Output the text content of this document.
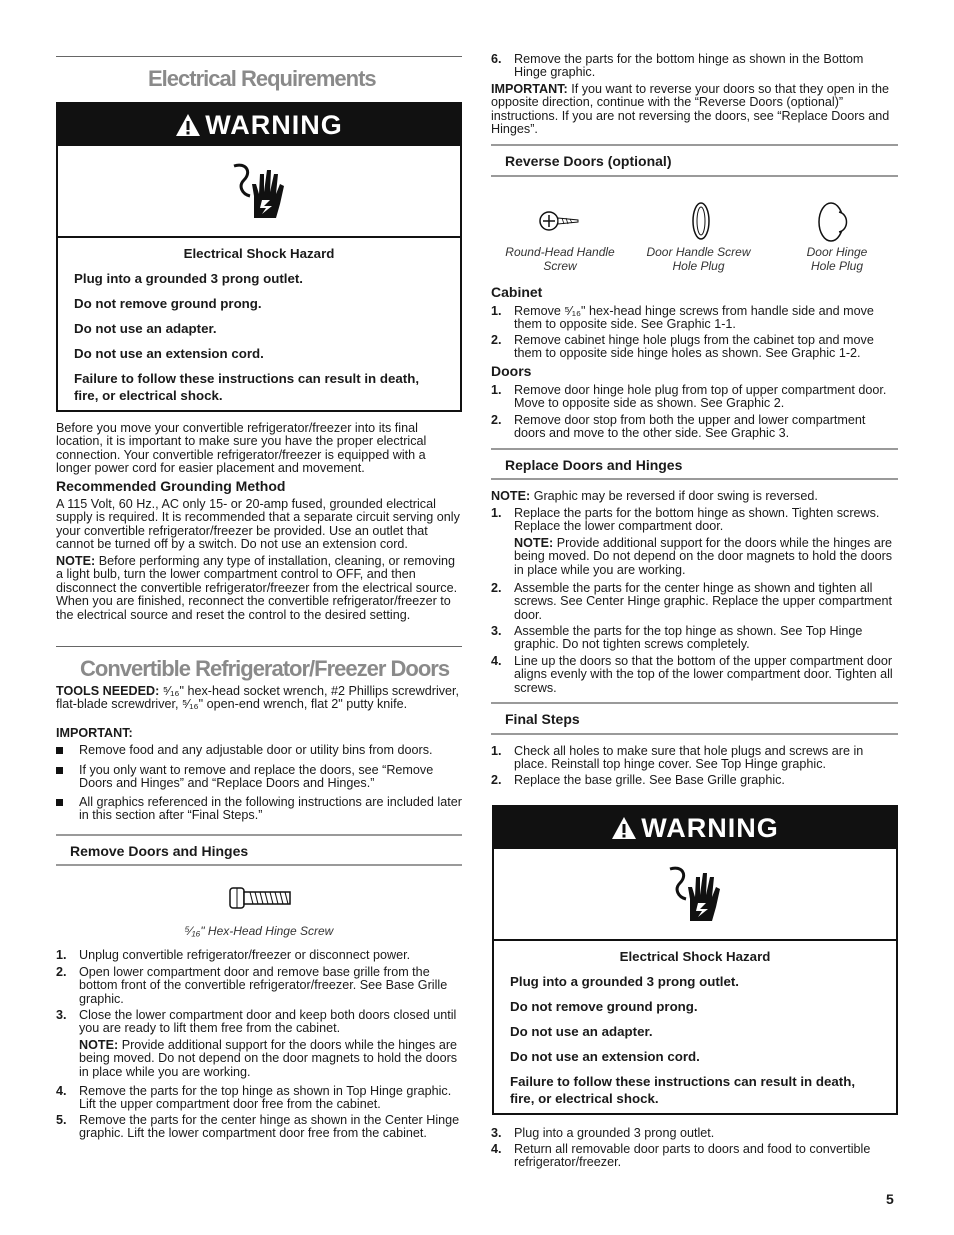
Electrical Requirements
WARNING
Electrical Shock Hazard
Plug into a grounded 3 prong outlet.
Do not remove ground prong.
Do not use an adapter.
Do not use an extension cord.
Failure to follow these instructions can result in death, fire, or electrical shock.

Before you move your convertible refrigerator/freezer into its final location, it is important to make sure you have the proper electrical connection. Your convertible refrigerator/freezer is equipped with a longer power cord for easier placement and movement.

Recommended Grounding Method

A 115 Volt, 60 Hz., AC only 15- or 20-amp fused, grounded electrical supply is required. It is recommended that a separate circuit serving only your convertible refrigerator/freezer be provided. Use an outlet that cannot be turned off by a switch. Do not use an extension cord.

NOTE: Before performing any type of installation, cleaning, or removing a light bulb, turn the lower compartment control to OFF, and then disconnect the convertible refrigerator/freezer from the electrical source. When you are finished, reconnect the convertible refrigerator/freezer to the electrical source and reset the control to the desired setting.

Convertible Refrigerator/Freezer Doors

TOOLS NEEDED: ⁵⁄₁₆" hex-head socket wrench, #2 Phillips screwdriver, flat-blade screwdriver, ⁵⁄₁₆" open-end wrench, flat 2" putty knife.

IMPORTANT:
Remove food and any adjustable door or utility bins from doors.
If you only want to remove and replace the doors, see “Remove Doors and Hinges” and “Replace Doors and Hinges.”
All graphics referenced in the following instructions are included later in this section after “Final Steps.”
Remove Doors and Hinges
⁵⁄₁₆" Hex-Head Hinge Screw
1. Unplug convertible refrigerator/freezer or disconnect power.
2. Open lower compartment door and remove base grille from the bottom front of the convertible refrigerator/freezer. See Base Grille graphic.
3. Close the lower compartment door and keep both doors closed until you are ready to lift them free from the cabinet.
NOTE: Provide additional support for the doors while the hinges are being moved. Do not depend on the door magnets to hold the doors in place while you are working.
4. Remove the parts for the top hinge as shown in Top Hinge graphic. Lift the upper compartment door free from the cabinet.
5. Remove the parts for the center hinge as shown in the Center Hinge graphic. Lift the lower compartment door free from the cabinet.
6. Remove the parts for the bottom hinge as shown in the Bottom Hinge graphic.

IMPORTANT: If you want to reverse your doors so that they open in the opposite direction, continue with the “Reverse Doors (optional)” instructions. If you are not reversing the doors, see “Replace Doors and Hinges”.

Reverse Doors (optional)
Round-Head Handle Screw
Door Handle Screw Hole Plug
Door Hinge Hole Plug
Cabinet
1. Remove ⁵⁄₁₆" hex-head hinge screws from handle side and move them to opposite side. See Graphic 1-1.
2. Remove cabinet hinge hole plugs from the cabinet top and move them to opposite side hinge holes as shown. See Graphic 1-2.
Doors
1. Remove door hinge hole plug from top of upper compartment door. Move to opposite side as shown. See Graphic 2.
2. Remove door stop from both the upper and lower compartment doors and move to the other side. See Graphic 3.
Replace Doors and Hinges

NOTE: Graphic may be reversed if door swing is reversed.

1. Replace the parts for the bottom hinge as shown. Tighten screws. Replace the lower compartment door.
NOTE: Provide additional support for the doors while the hinges are being moved. Do not depend on the door magnets to hold the doors in place while you are working.
2. Assemble the parts for the center hinge as shown and tighten all screws. See Center Hinge graphic. Replace the upper compartment door.
3. Assemble the parts for the top hinge as shown. See Top Hinge graphic. Do not tighten screws completely.
4. Line up the doors so that the bottom of the upper compartment door aligns evenly with the top of the lower compartment door. Tighten all screws.
Final Steps
1. Check all holes to make sure that hole plugs and screws are in place. Reinstall top hinge cover. See Top Hinge graphic.
2. Replace the base grille. See Base Grille graphic.
WARNING
Electrical Shock Hazard
Plug into a grounded 3 prong outlet.
Do not remove ground prong.
Do not use an adapter.
Do not use an extension cord.
Failure to follow these instructions can result in death, fire, or electrical shock.
3. Plug into a grounded 3 prong outlet.
4. Return all removable door parts to doors and food to convertible refrigerator/freezer.
5
